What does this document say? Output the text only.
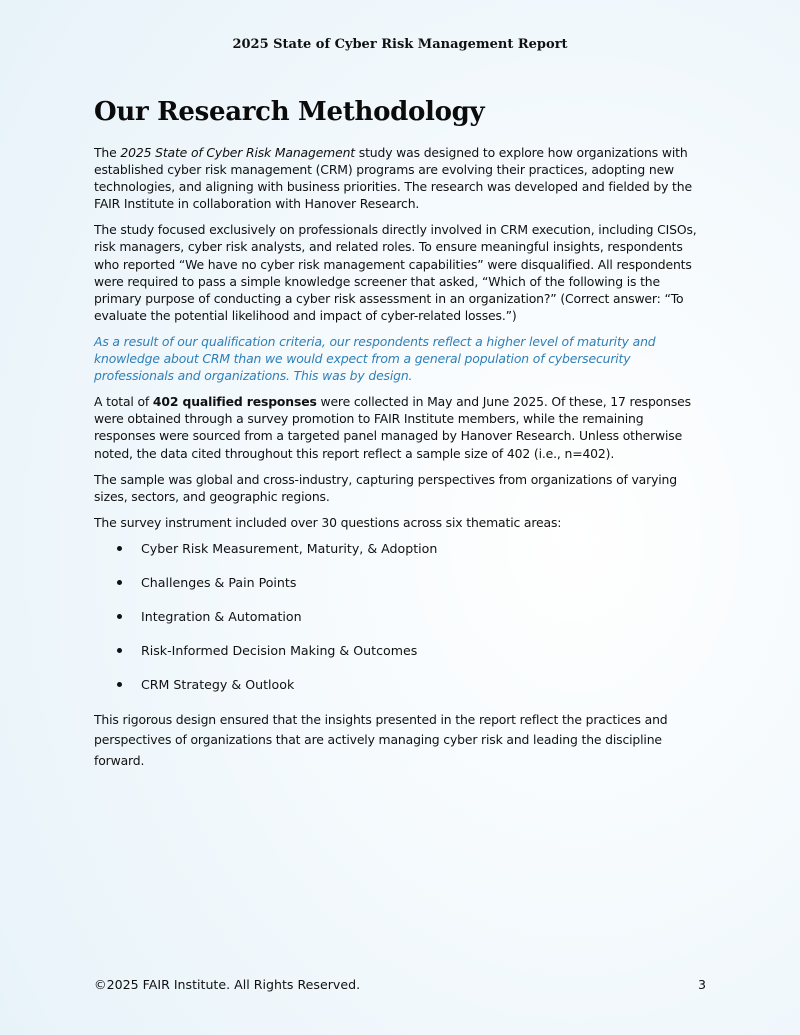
2025 State of Cyber Risk Management Report
Our Research Methodology

The 2025 State of Cyber Risk Management study was designed to explore how organizations with established cyber risk management (CRM) programs are evolving their practices, adopting new technologies, and aligning with business priorities. The research was developed and fielded by the FAIR Institute in collaboration with Hanover Research.

The study focused exclusively on professionals directly involved in CRM execution, including CISOs, risk managers, cyber risk analysts, and related roles. To ensure meaningful insights, respondents who reported “We have no cyber risk management capabilities” were disqualified. All respondents were required to pass a simple knowledge screener that asked, “Which of the following is the primary purpose of conducting a cyber risk assessment in an organization?” (Correct answer: “To evaluate the potential likelihood and impact of cyber-related losses.”)

As a result of our qualification criteria, our respondents reflect a higher level of maturity and knowledge about CRM than we would expect from a general population of cybersecurity professionals and organizations. This was by design.

A total of 402 qualified responses were collected in May and June 2025. Of these, 17 responses were obtained through a survey promotion to FAIR Institute members, while the remaining responses were sourced from a targeted panel managed by Hanover Research. Unless otherwise noted, the data cited throughout this report reflect a sample size of 402 (i.e., n=402).

The sample was global and cross-industry, capturing perspectives from organizations of varying sizes, sectors, and geographic regions.

The survey instrument included over 30 questions across six thematic areas:

Cyber Risk Measurement, Maturity, & Adoption
Challenges & Pain Points
Integration & Automation
Risk-Informed Decision Making & Outcomes
CRM Strategy & Outlook

This rigorous design ensured that the insights presented in the report reflect the practices and perspectives of organizations that are actively managing cyber risk and leading the discipline forward.

©2025 FAIR Institute. All Rights Reserved.	3
